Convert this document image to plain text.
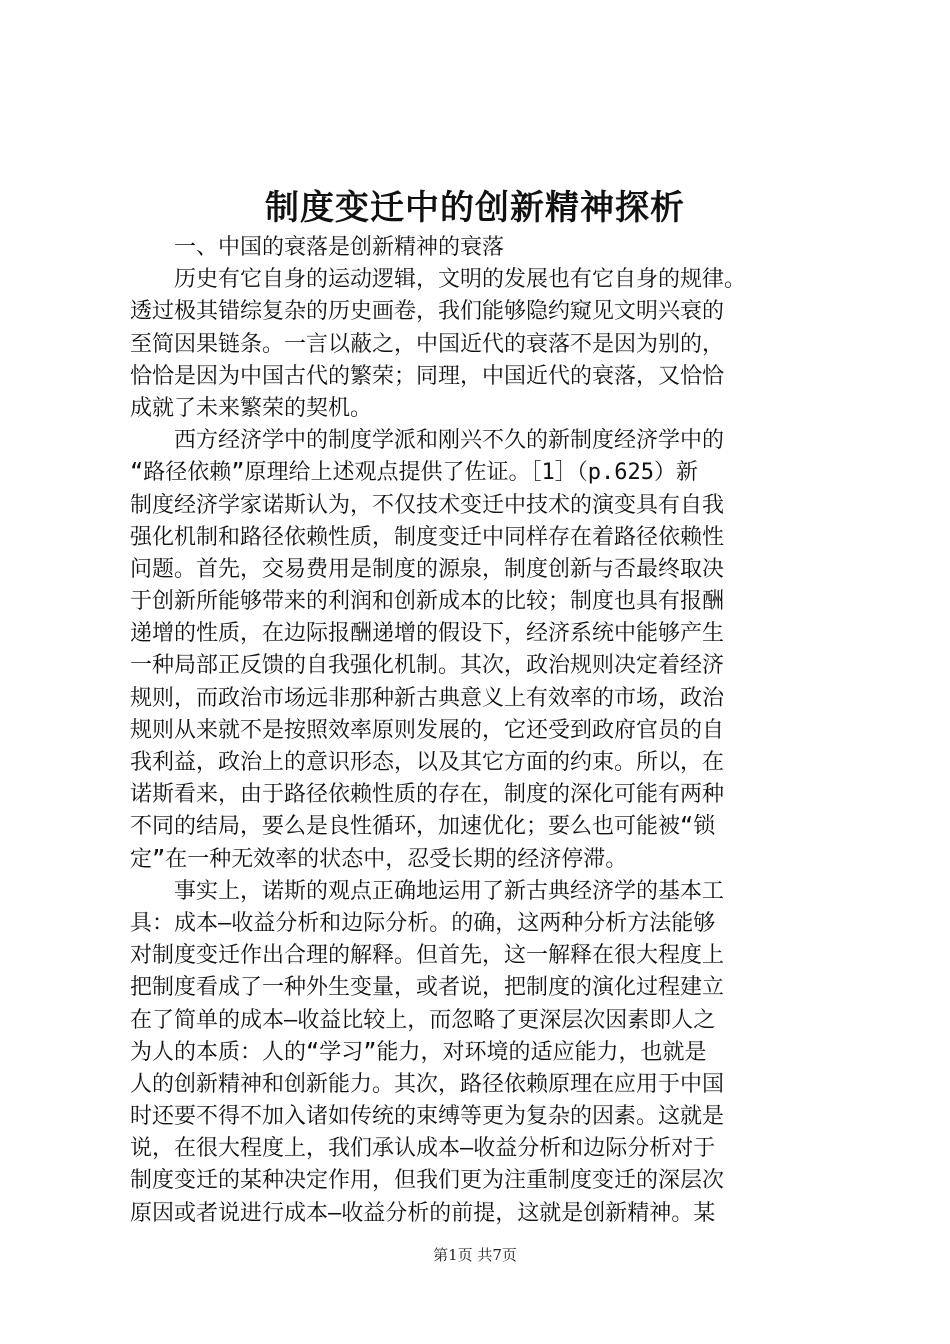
制度变迁中的创新精神探析
一、中国的衰落是创新精神的衰落
历史有它自身的运动逻辑，文明的发展也有它自身的规律。
透过极其错综复杂的历史画卷，我们能够隐约窥见文明兴衰的
至简因果链条。一言以蔽之，中国近代的衰落不是因为别的，
恰恰是因为中国古代的繁荣；同理，中国近代的衰落，又恰恰
成就了未来繁荣的契机。
西方经济学中的制度学派和刚兴不久的新制度经济学中的
“路径依赖”原理给上述观点提供了佐证。［1］（p.625）新
制度经济学家诺斯认为，不仅技术变迁中技术的演变具有自我
强化机制和路径依赖性质，制度变迁中同样存在着路径依赖性
问题。首先，交易费用是制度的源泉，制度创新与否最终取决
于创新所能够带来的利润和创新成本的比较；制度也具有报酬
递增的性质，在边际报酬递增的假设下，经济系统中能够产生
一种局部正反馈的自我强化机制。其次，政治规则决定着经济
规则，而政治市场远非那种新古典意义上有效率的市场，政治
规则从来就不是按照效率原则发展的，它还受到政府官员的自
我利益，政治上的意识形态，以及其它方面的约束。所以，在
诺斯看来，由于路径依赖性质的存在，制度的深化可能有两种
不同的结局，要么是良性循环，加速优化；要么也可能被“锁
定”在一种无效率的状态中，忍受长期的经济停滞。
事实上，诺斯的观点正确地运用了新古典经济学的基本工
具：成本—收益分析和边际分析。的确，这两种分析方法能够
对制度变迁作出合理的解释。但首先，这一解释在很大程度上
把制度看成了一种外生变量，或者说，把制度的演化过程建立
在了简单的成本—收益比较上，而忽略了更深层次因素即人之
为人的本质：人的“学习”能力，对环境的适应能力，也就是
人的创新精神和创新能力。其次，路径依赖原理在应用于中国
时还要不得不加入诸如传统的束缚等更为复杂的因素。这就是
说，在很大程度上，我们承认成本—收益分析和边际分析对于
制度变迁的某种决定作用，但我们更为注重制度变迁的深层次
原因或者说进行成本—收益分析的前提，这就是创新精神。某
第1页 共7页
